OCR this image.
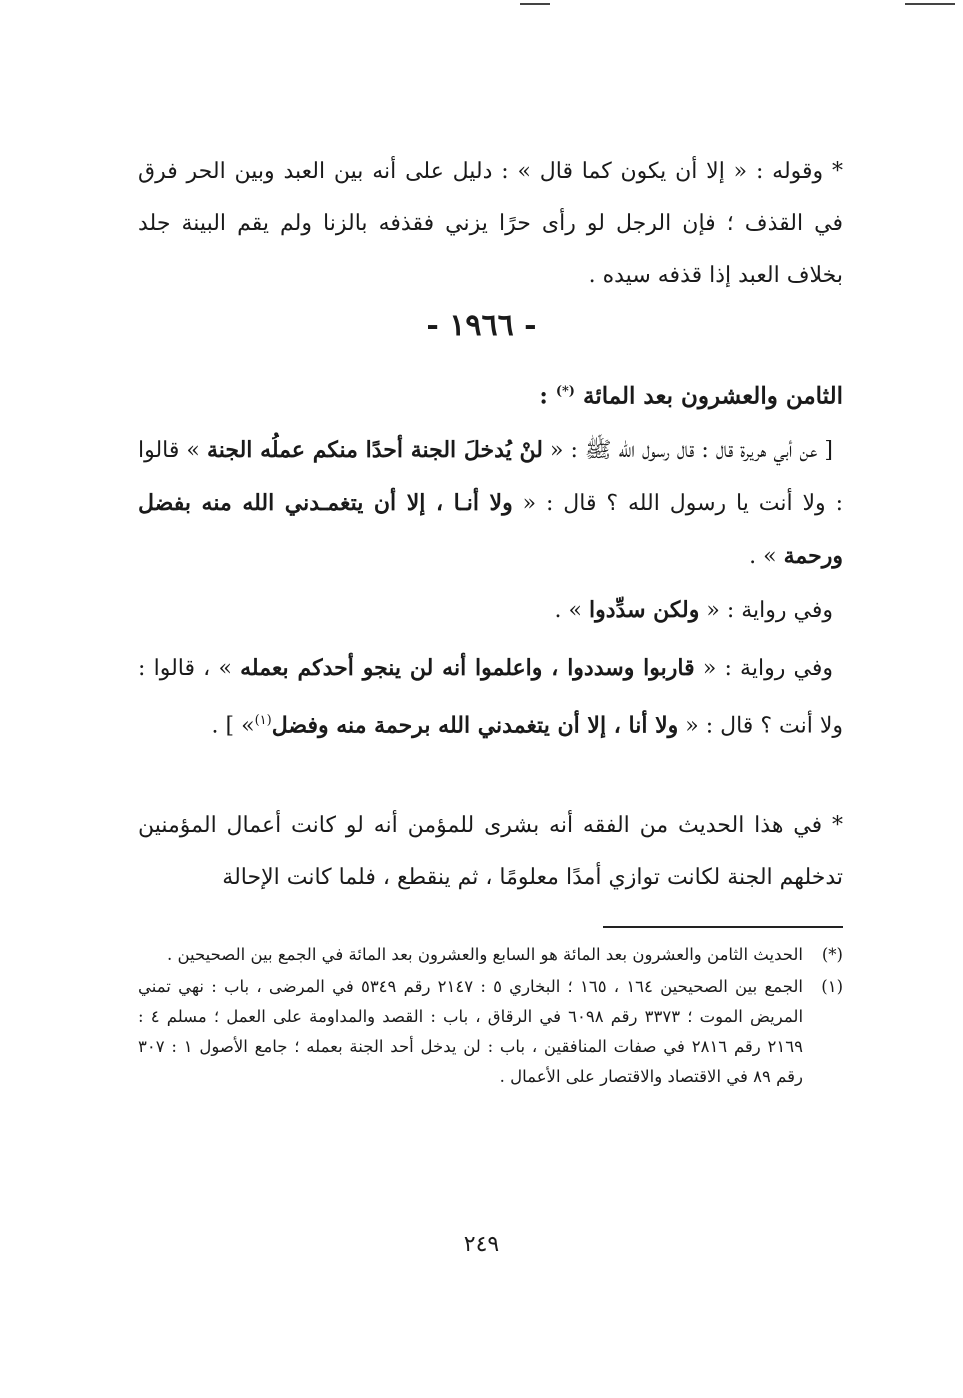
* وقوله : « إلا أن يكون كما قال » : دليل على أنه بين العبد وبين الحر فرق في القذف ؛ فإن الرجل لو رأى حرًا يزني فقذفه بالزنا ولم يقم البينة جلد بخلاف العبد إذا قذفه سيده .
- ١٩٦٦ -
الثامن والعشرون بعد المائة (*) :
[ عن أبي هريرة قال : قال رسول الله ﷺ : « لنْ يُدخلَ الجنة أحدًا منكم عملُه الجنة » قالوا : ولا أنت يا رسول الله ؟ قال : « ولا أنـا ، إلا أن يتغمـدني الله منه بفضل ورحمة » .
وفي رواية : « ولكن سدِّدوا » .
وفي رواية : « قاربوا وسددوا ، واعلموا أنه لن ينجو أحدكم بعمله » ، قالوا : ولا أنت ؟ قال : « ولا أنا ، إلا أن يتغمدني الله برحمة منه وفضل$^{(١)}$» ] .
* في هذا الحديث من الفقه أنه بشرى للمؤمن أنه لو كانت أعمال المؤمنين تدخلهم الجنة لكانت توازي أمدًا معلومًا ، ثم ينقطع ، فلما كانت الإحالة
(*)
الحديث الثامن والعشرون بعد المائة هو السابع والعشرون بعد المائة في الجمع بين الصحيحين .
(١)
الجمع بين الصحيحين ١٦٤ ، ١٦٥ ؛ البخاري ٥ : ٢١٤٧ رقم ٥٣٤٩ في المرضى ، باب : نهي تمني المريض الموت ؛ ٣٣٧٣ رقم ٦٠٩٨ في الرقاق ، باب : القصد والمداومة على العمل ؛ مسلم ٤ : ٢١٦٩ رقم ٢٨١٦ في صفات المنافقين ، باب : لن يدخل أحد الجنة بعمله ؛ جامع الأصول ١ : ٣٠٧ رقم ٨٩ في الاقتصاد والاقتصار على الأعمال .
٢٤٩
